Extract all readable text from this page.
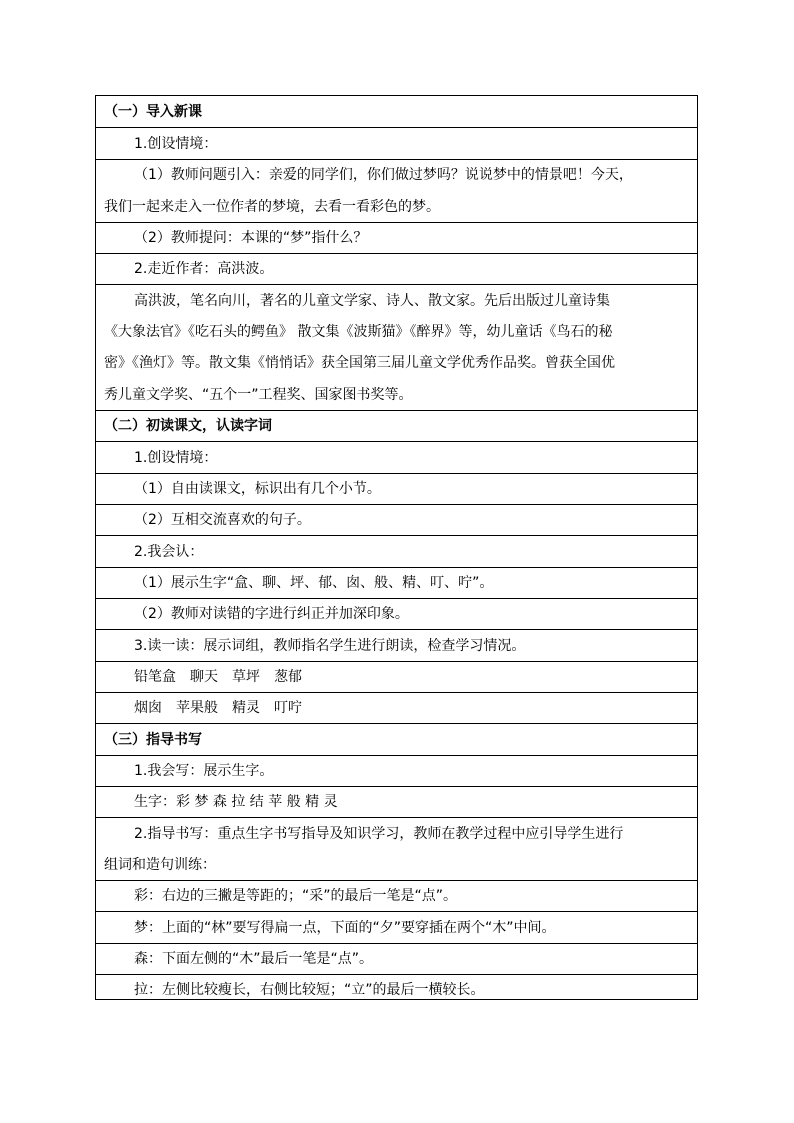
（一）导入新课
1.创设情境：
（1）教师问题引入：亲爱的同学们，你们做过梦吗？说说梦中的情景吧！今天，
我们一起来走入一位作者的梦境，去看一看彩色的梦。
（2）教师提问：本课的“梦”指什么？
2.走近作者：高洪波。
高洪波，笔名向川，著名的儿童文学家、诗人、散文家。先后出版过儿童诗集
《大象法官》《吃石头的鳄鱼》 散文集《波斯猫》《醉界》等，幼儿童话《鸟石的秘
密》《渔灯》等。散文集《悄悄话》获全国第三届儿童文学优秀作品奖。曾获全国优
秀儿童文学奖、“五个一”工程奖、国家图书奖等。
（二）初读课文，认读字词
1.创设情境：
（1）自由读课文，标识出有几个小节。
（2）互相交流喜欢的句子。
2.我会认：
（1）展示生字“盒、聊、坪、郁、囱、般、精、叮、咛”。
（2）教师对读错的字进行纠正并加深印象。
3.读一读：展示词组，教师指名学生进行朗读，检查学习情况。
铅笔盒　聊天　草坪　葱郁
烟囱　苹果般　精灵　叮咛
（三）指导书写
1.我会写：展示生字。
生字：彩 梦 森 拉 结 苹 般 精 灵
2.指导书写：重点生字书写指导及知识学习，教师在教学过程中应引导学生进行
组词和造句训练：
彩：右边的三撇是等距的；“采”的最后一笔是“点”。
梦：上面的“林”要写得扁一点，下面的“夕”要穿插在两个“木”中间。
森：下面左侧的“木”最后一笔是“点”。
拉：左侧比较瘦长，右侧比较短；“立”的最后一横较长。
